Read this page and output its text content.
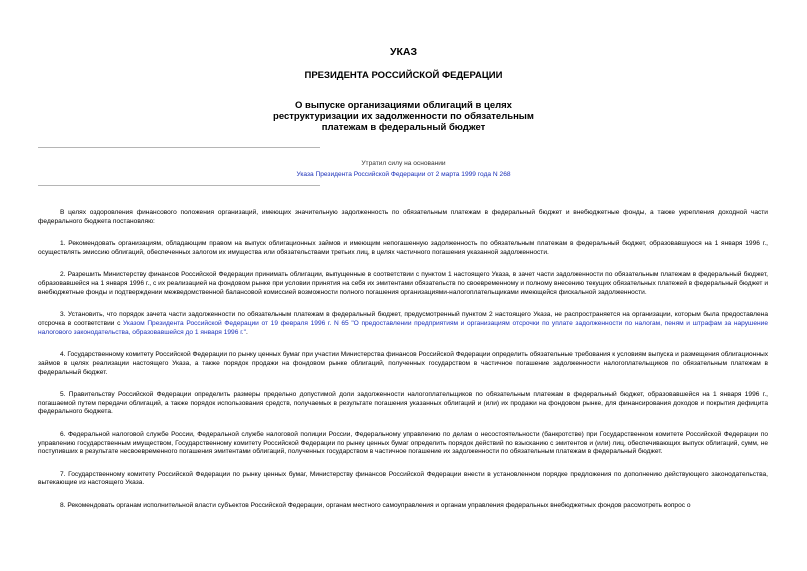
УКАЗ
ПРЕЗИДЕНТА РОССИЙСКОЙ ФЕДЕРАЦИИ
О выпуске организациями облигаций в целях
реструктуризации их задолженности по обязательным
платежам в федеральный бюджет
Утратил силу на основании
Указа Президента Российской Федерации от 2 марта 1999 года N 268

В целях оздоровления финансового положения организаций, имеющих значительную задолженность по обязательным платежам в федеральный бюджет и внебюджетные фонды, а также укрепления доходной части федерального бюджета постановляю:

1. Рекомендовать организациям, обладающим правом на выпуск облигационных займов и имеющим непогашенную задолженность по обязательным платежам в федеральный бюджет, образовавшуюся на 1 января 1996 г., осуществлять эмиссию облигаций, обеспеченных залогом их имущества или обязательствами третьих лиц, в целях частичного погашения указанной задолженности.

2. Разрешить Министерству финансов Российской Федерации принимать облигации, выпущенные в соответствии с пунктом 1 настоящего Указа, в зачет части задолженности по обязательным платежам в федеральный бюджет, образовавшейся на 1 января 1996 г., с их реализацией на фондовом рынке при условии принятия на себя их эмитентами обязательств по своевременному и полному внесению текущих обязательных платежей в федеральный бюджет и внебюджетные фонды и подтверждении межведомственной балансовой комиссией возможности полного погашения организациями-налогоплательщиками имеющейся фискальной задолженности.

3. Установить, что порядок зачета части задолженности по обязательным платежам в федеральный бюджет, предусмотренный пунктом 2 настоящего Указа, не распространяется на организации, которым была предоставлена отсрочка в соответствии с Указом Президента Российской Федерации от 19 февраля 1996 г. N 65 "О предоставлении предприятиям и организациям отсрочки по уплате задолженности по налогам, пеням и штрафам за нарушение налогового законодательства, образовавшейся до 1 января 1996 г.".

4. Государственному комитету Российской Федерации по рынку ценных бумаг при участии Министерства финансов Российской Федерации определить обязательные требования к условиям выпуска и размещения облигационных займов в целях реализации настоящего Указа, а также порядок продажи на фондовом рынке облигаций, полученных государством в частичное погашение задолженности налогоплательщиков по обязательным платежам в федеральный бюджет.

5. Правительству Российской Федерации определить размеры предельно допустимой доли задолженности налогоплательщиков по обязательным платежам в федеральный бюджет, образовавшейся на 1 января 1996 г., погашаемой путем передачи облигаций, а также порядок использования средств, получаемых в результате погашения указанных облигаций и (или) их продажи на фондовом рынке, для финансирования доходов и покрытия дефицита федерального бюджета.

6. Федеральной налоговой службе России, Федеральной службе налоговой полиции России, Федеральному управлению по делам о несостоятельности (банкротстве) при Государственном комитете Российской Федерации по управлению государственным имуществом, Государственному комитету Российской Федерации по рынку ценных бумаг определить порядок действий по взысканию с эмитентов и (или) лиц, обеспечивающих выпуск облигаций, сумм, не поступивших в результате несвоевременного погашения эмитентами облигаций, полученных государством в частичное погашение их задолженности по обязательным платежам в федеральный бюджет.

7. Государственному комитету Российской Федерации по рынку ценных бумаг, Министерству финансов Российской Федерации внести в установленном порядке предложения по дополнению действующего законодательства, вытекающие из настоящего Указа.

8. Рекомендовать органам исполнительной власти субъектов Российской Федерации, органам местного самоуправления и органам управления федеральных внебюджетных фондов рассмотреть вопрос о
